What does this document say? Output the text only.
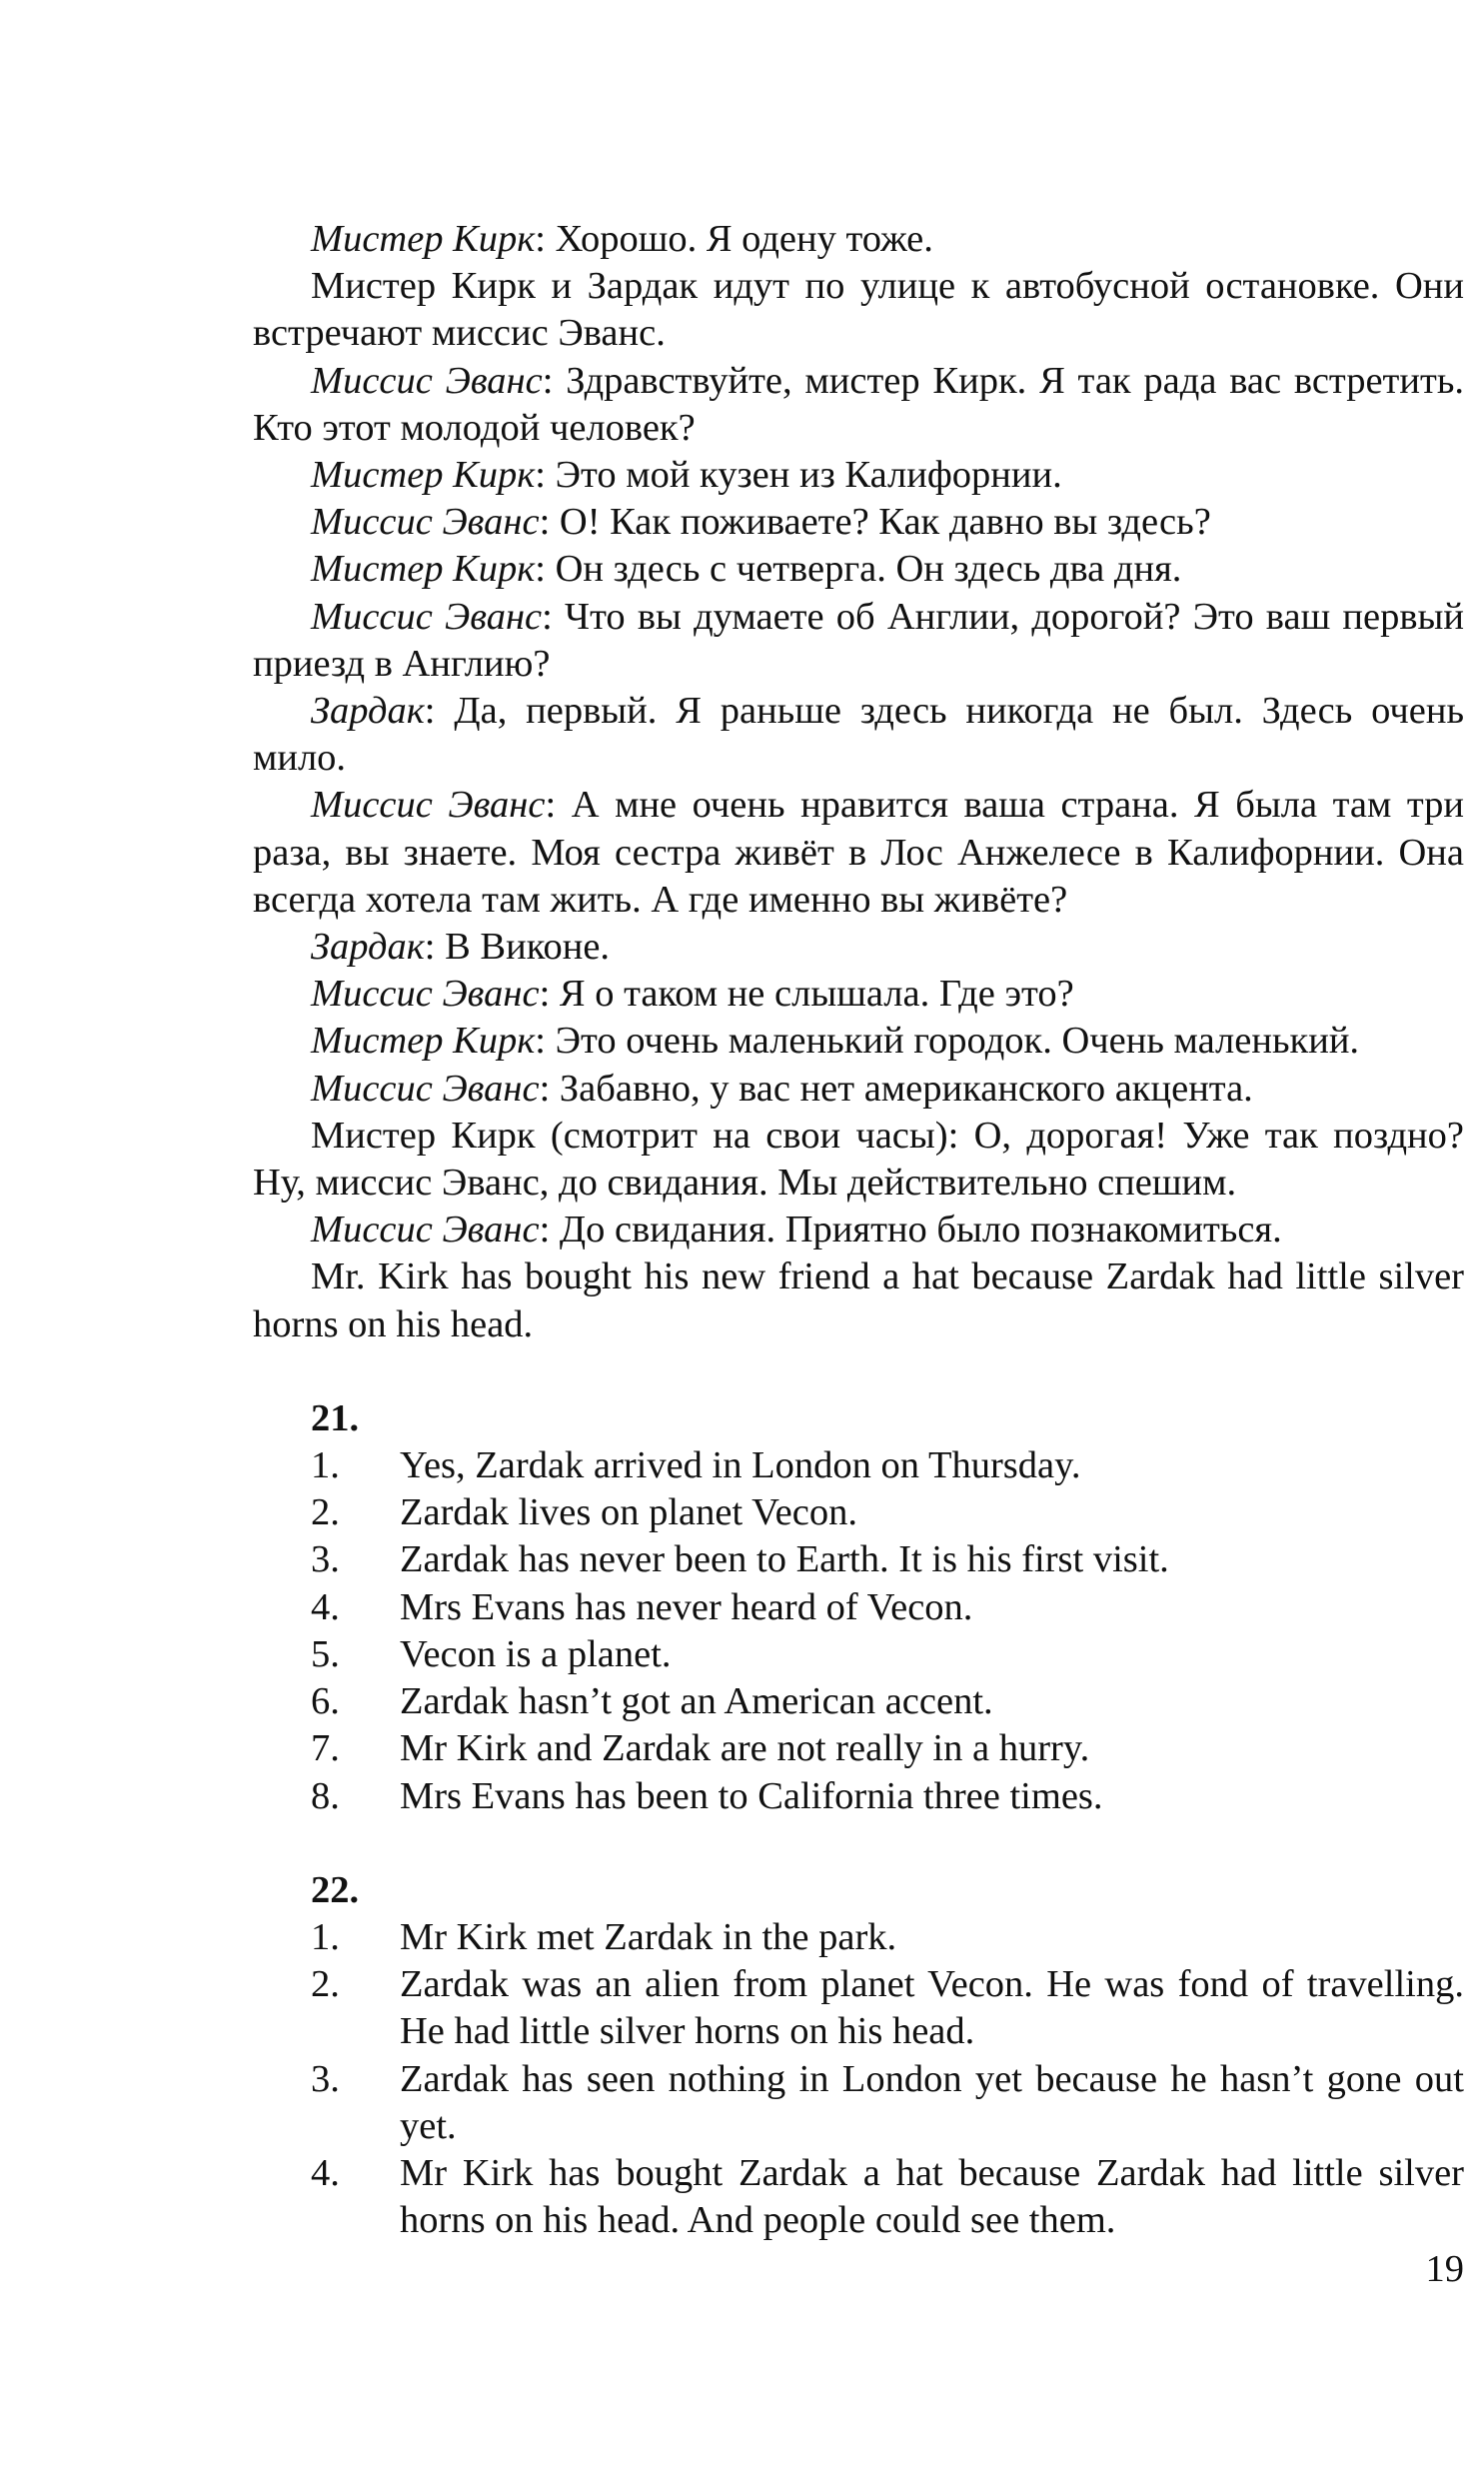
Мистер Кирк: Хорошо. Я одену тоже.

Мистер Кирк и Зардак идут по улице к автобусной остановке. Они встречают миссис Эванс.

Миссис Эванс: Здравствуйте, мистер Кирк. Я так рада вас встретить. Кто этот молодой человек?

Мистер Кирк: Это мой кузен из Калифорнии.

Миссис Эванс: О! Как поживаете? Как давно вы здесь?

Мистер Кирк: Он здесь с четверга. Он здесь два дня.

Миссис Эванс: Что вы думаете об Англии, дорогой? Это ваш первый приезд в Англию?

Зардак: Да, первый. Я раньше здесь никогда не был. Здесь очень мило.

Миссис Эванс: А мне очень нравится ваша страна. Я была там три раза, вы знаете. Моя сестра живёт в Лос Анжелесе в Калифорнии. Она всегда хотела там жить. А где именно вы живёте?

Зардак: В Виконе.

Миссис Эванс: Я о таком не слышала. Где это?

Мистер Кирк: Это очень маленький городок. Очень маленький.

Миссис Эванс: Забавно, у вас нет американского акцента.

Мистер Кирк (смотрит на свои часы): О, дорогая! Уже так поздно? Ну, миссис Эванс, до свидания. Мы действительно спешим.

Миссис Эванс: До свидания. Приятно было познакомиться.

Mr. Kirk has bought his new friend a hat because Zardak had little silver horns on his head.

21.

1. Yes, Zardak arrived in London on Thursday.
2. Zardak lives on planet Vecon.
3. Zardak has never been to Earth. It is his first visit.
4. Mrs Evans has never heard of Vecon.
5. Vecon is a planet.
6. Zardak hasn’t got an American accent.
7. Mr Kirk and Zardak are not really in a hurry.
8. Mrs Evans has been to California three times.

22.

1. Mr Kirk met Zardak in the park.
2. Zardak was an alien from planet Vecon. He was fond of travelling. He had little silver horns on his head.
3. Zardak has seen nothing in London yet because he hasn’t gone out yet.
4. Mr Kirk has bought Zardak a hat because Zardak had little silver horns on his head. And people could see them.
19
